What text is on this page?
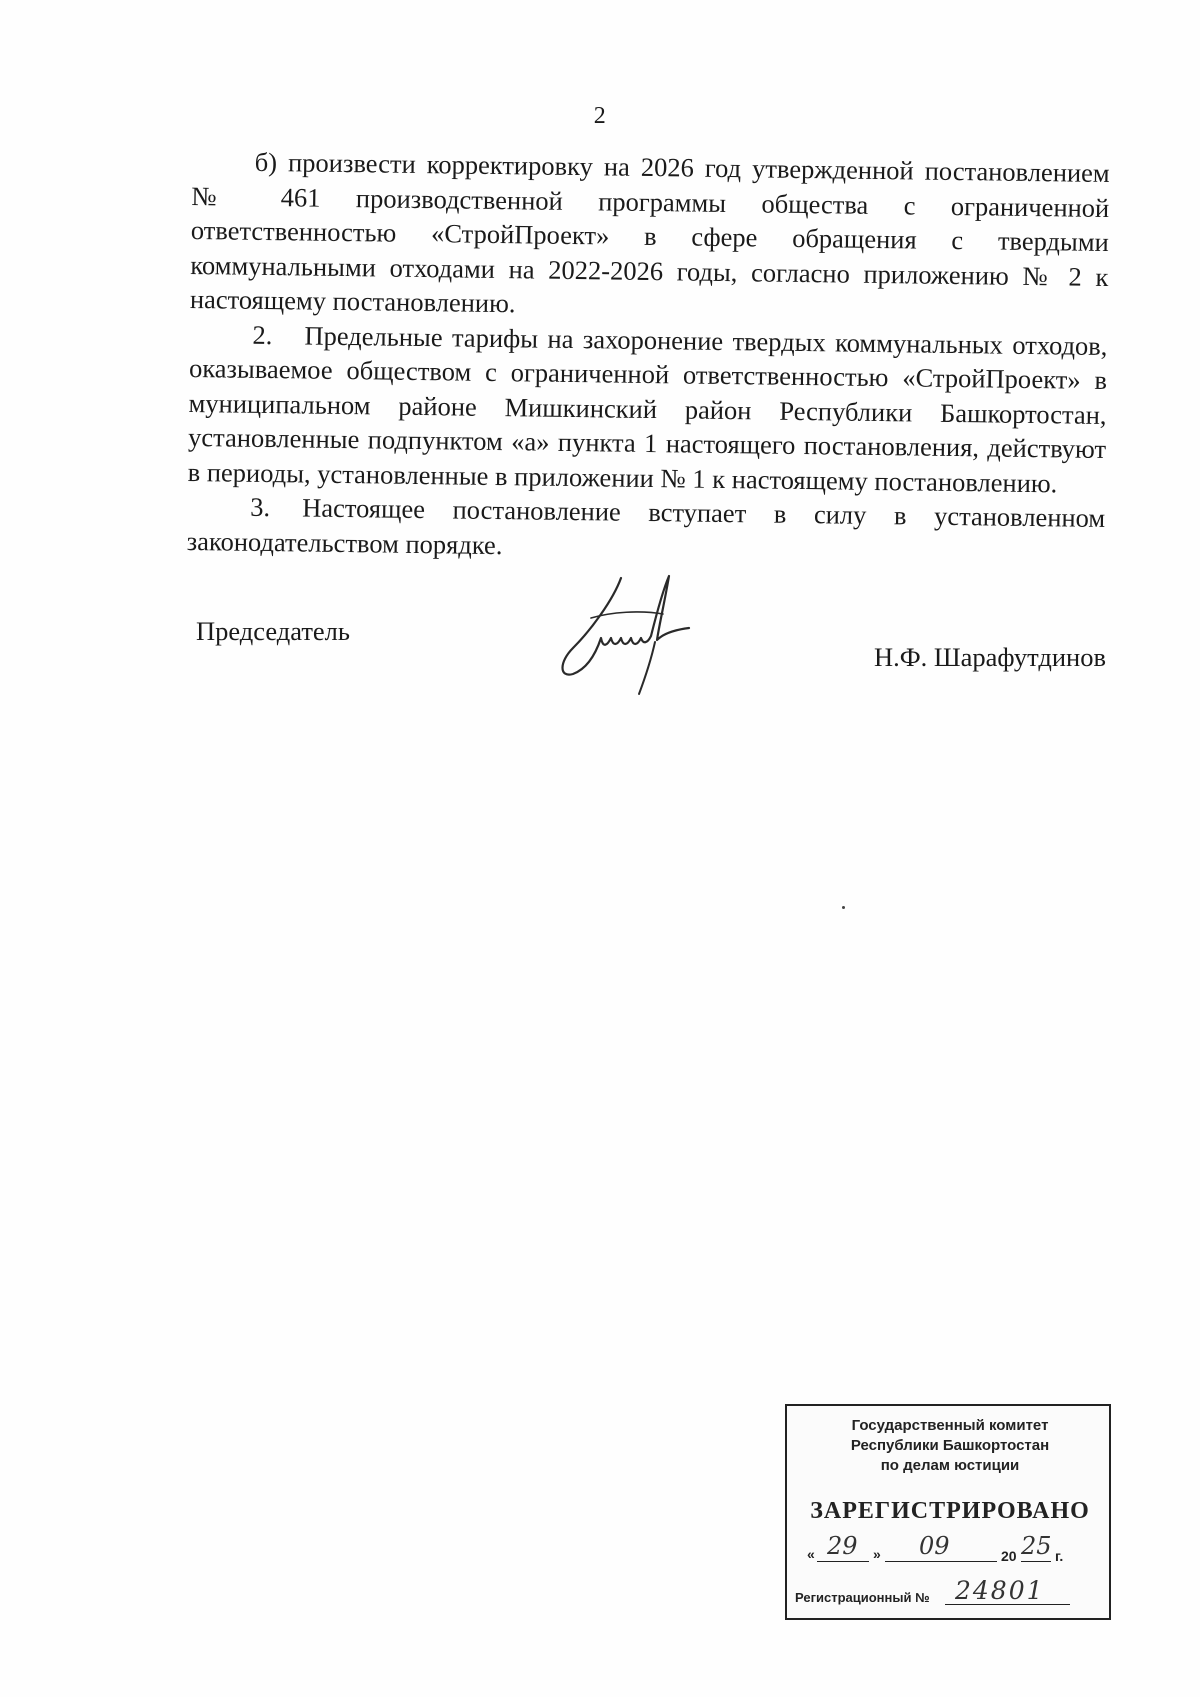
2

б) произвести корректировку на 2026 год утвержденной постановлением № 461 производственной программы общества с ограниченной ответственностью «СтройПроект» в сфере обращения с твердыми коммунальными отходами на 2022-2026 годы, согласно приложению № 2 к настоящему постановлению.

2. Предельные тарифы на захоронение твердых коммунальных отходов, оказываемое обществом с ограниченной ответственностью «СтройПроект» в муниципальном районе Мишкинский район Республики Башкортостан, установленные подпунктом «а» пункта 1 настоящего постановления, действуют в периоды, установленные в приложении № 1 к настоящему постановлению.

3. Настоящее постановление вступает в силу в установленном законодательством порядке.

Председатель
Н.Ф. Шарафутдинов
Государственный комитет
Республики Башкортостан
по делам юстиции
ЗАРЕГИСТРИРОВАНО
« 29 » 09	20 25 г.
Регистрационный № 24801
